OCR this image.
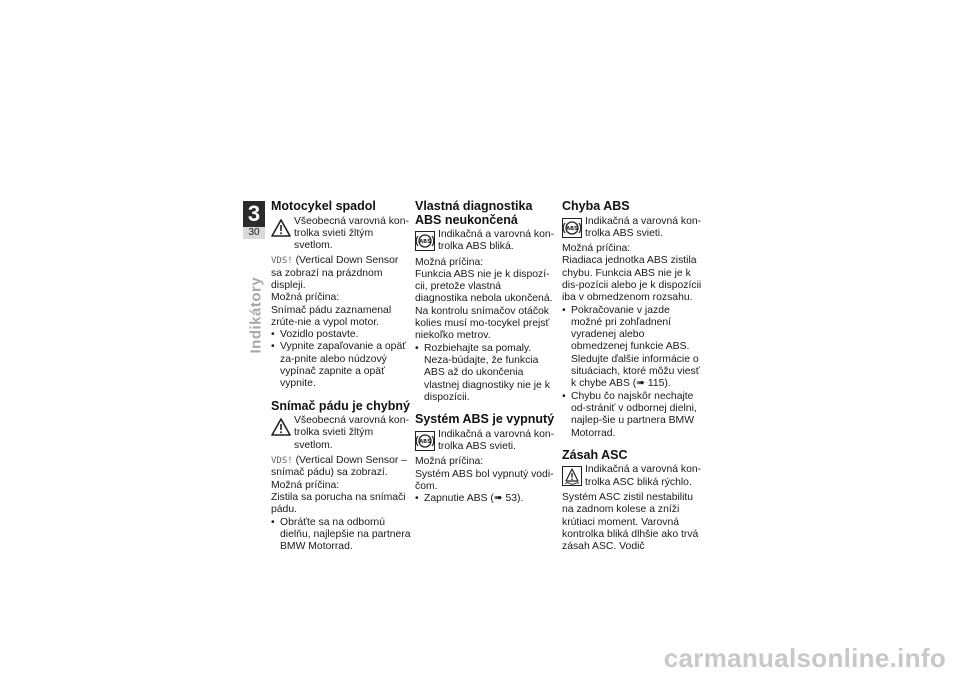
3
30
Indikátory
Motocykel spadol
Všeobecná varovná kon-trolka svieti žltým svetlom.

VDS! (Vertical Down Sensor sa zobrazí na prázdnom displeji.

Možná príčina:

Snímač pádu zaznamenal zrúte-nie a vypol motor.

• Vozidlo postavte.
• Vypnite zapaľovanie a opäť za-pnite alebo núdzový vypínač zapnite a opäť vypnite.
Snímač pádu je chybný
Všeobecná varovná kon-trolka svieti žltým svetlom.

VDS! (Vertical Down Sensor – snímač pádu) sa zobrazí.

Možná príčina:

Zistila sa porucha na snímači pádu.

• Obráťte sa na odbornú dielňu, najlepšie na partnera BMW Motorrad.
Vlastná diagnostika ABS neukončená
ABS
Indikačná a varovná kon-trolka ABS bliká.

Možná príčina:

Funkcia ABS nie je k dispozí-cii, pretože vlastná diagnostika nebola ukončená. Na kontrolu snímačov otáčok kolies musí mo-tocykel prejsť niekoľko metrov.

• Rozbiehajte sa pomaly. Neza-búdajte, že funkcia ABS až do ukončenia vlastnej diagnostiky nie je k dispozícii.
Systém ABS je vypnutý
ABS
Indikačná a varovná kon-trolka ABS svieti.

Možná príčina:

Systém ABS bol vypnutý vodi-čom.

• Zapnutie ABS (➠ 53).
Chyba ABS
ABS
Indikačná a varovná kon-trolka ABS svieti.

Možná príčina:

Riadiaca jednotka ABS zistila chybu. Funkcia ABS nie je k dis-pozícii alebo je k dispozícii iba v obmedzenom rozsahu.

• Pokračovanie v jazde možné pri zohľadnení vyradenej alebo obmedzenej funkcie ABS. Sledujte ďalšie informácie o situáciach, ktoré môžu viesť k chybe ABS (➠ 115).
• Chybu čo najskôr nechajte od-strániť v odbornej dielni, najlep-šie u partnera BMW Motorrad.
Zásah ASC
Indikačná a varovná kon-trolka ASC bliká rýchlo.

Systém ASC zistil nestabilitu na zadnom kolese a zníži krútiaci moment. Varovná kontrolka bliká dlhšie ako trvá zásah ASC. Vodič

carmanualsonline.info
